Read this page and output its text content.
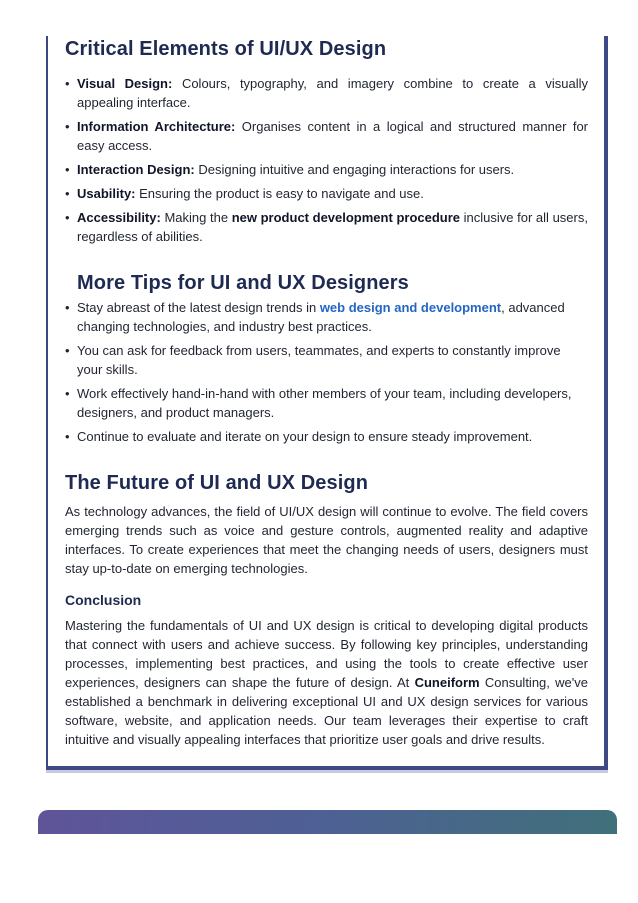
Critical Elements of UI/UX Design
• Visual Design: Colours, typography, and imagery combine to create a visually appealing interface.
• Information Architecture: Organises content in a logical and structured manner for easy access.
• Interaction Design: Designing intuitive and engaging interactions for users.
• Usability: Ensuring the product is easy to navigate and use.
• Accessibility: Making the new product development procedure inclusive for all users, regardless of abilities.
More Tips for UI and UX Designers
• Stay abreast of the latest design trends in web design and development, advanced changing technologies, and industry best practices.
• You can ask for feedback from users, teammates, and experts to constantly improve your skills.
• Work effectively hand-in-hand with other members of your team, including developers, designers, and product managers.
• Continue to evaluate and iterate on your design to ensure steady improvement.
The Future of UI and UX Design

As technology advances, the field of UI/UX design will continue to evolve. The field covers emerging trends such as voice and gesture controls, augmented reality and adaptive interfaces. To create experiences that meet the changing needs of users, designers must stay up-to-date on emerging technologies.

Conclusion

Mastering the fundamentals of UI and UX design is critical to developing digital products that connect with users and achieve success. By following key principles, understanding processes, implementing best practices, and using the tools to create effective user experiences, designers can shape the future of design. At Cuneiform Consulting, we've established a benchmark in delivering exceptional UI and UX design services for various software, website, and application needs. Our team leverages their expertise to craft intuitive and visually appealing interfaces that prioritize user goals and drive results.
